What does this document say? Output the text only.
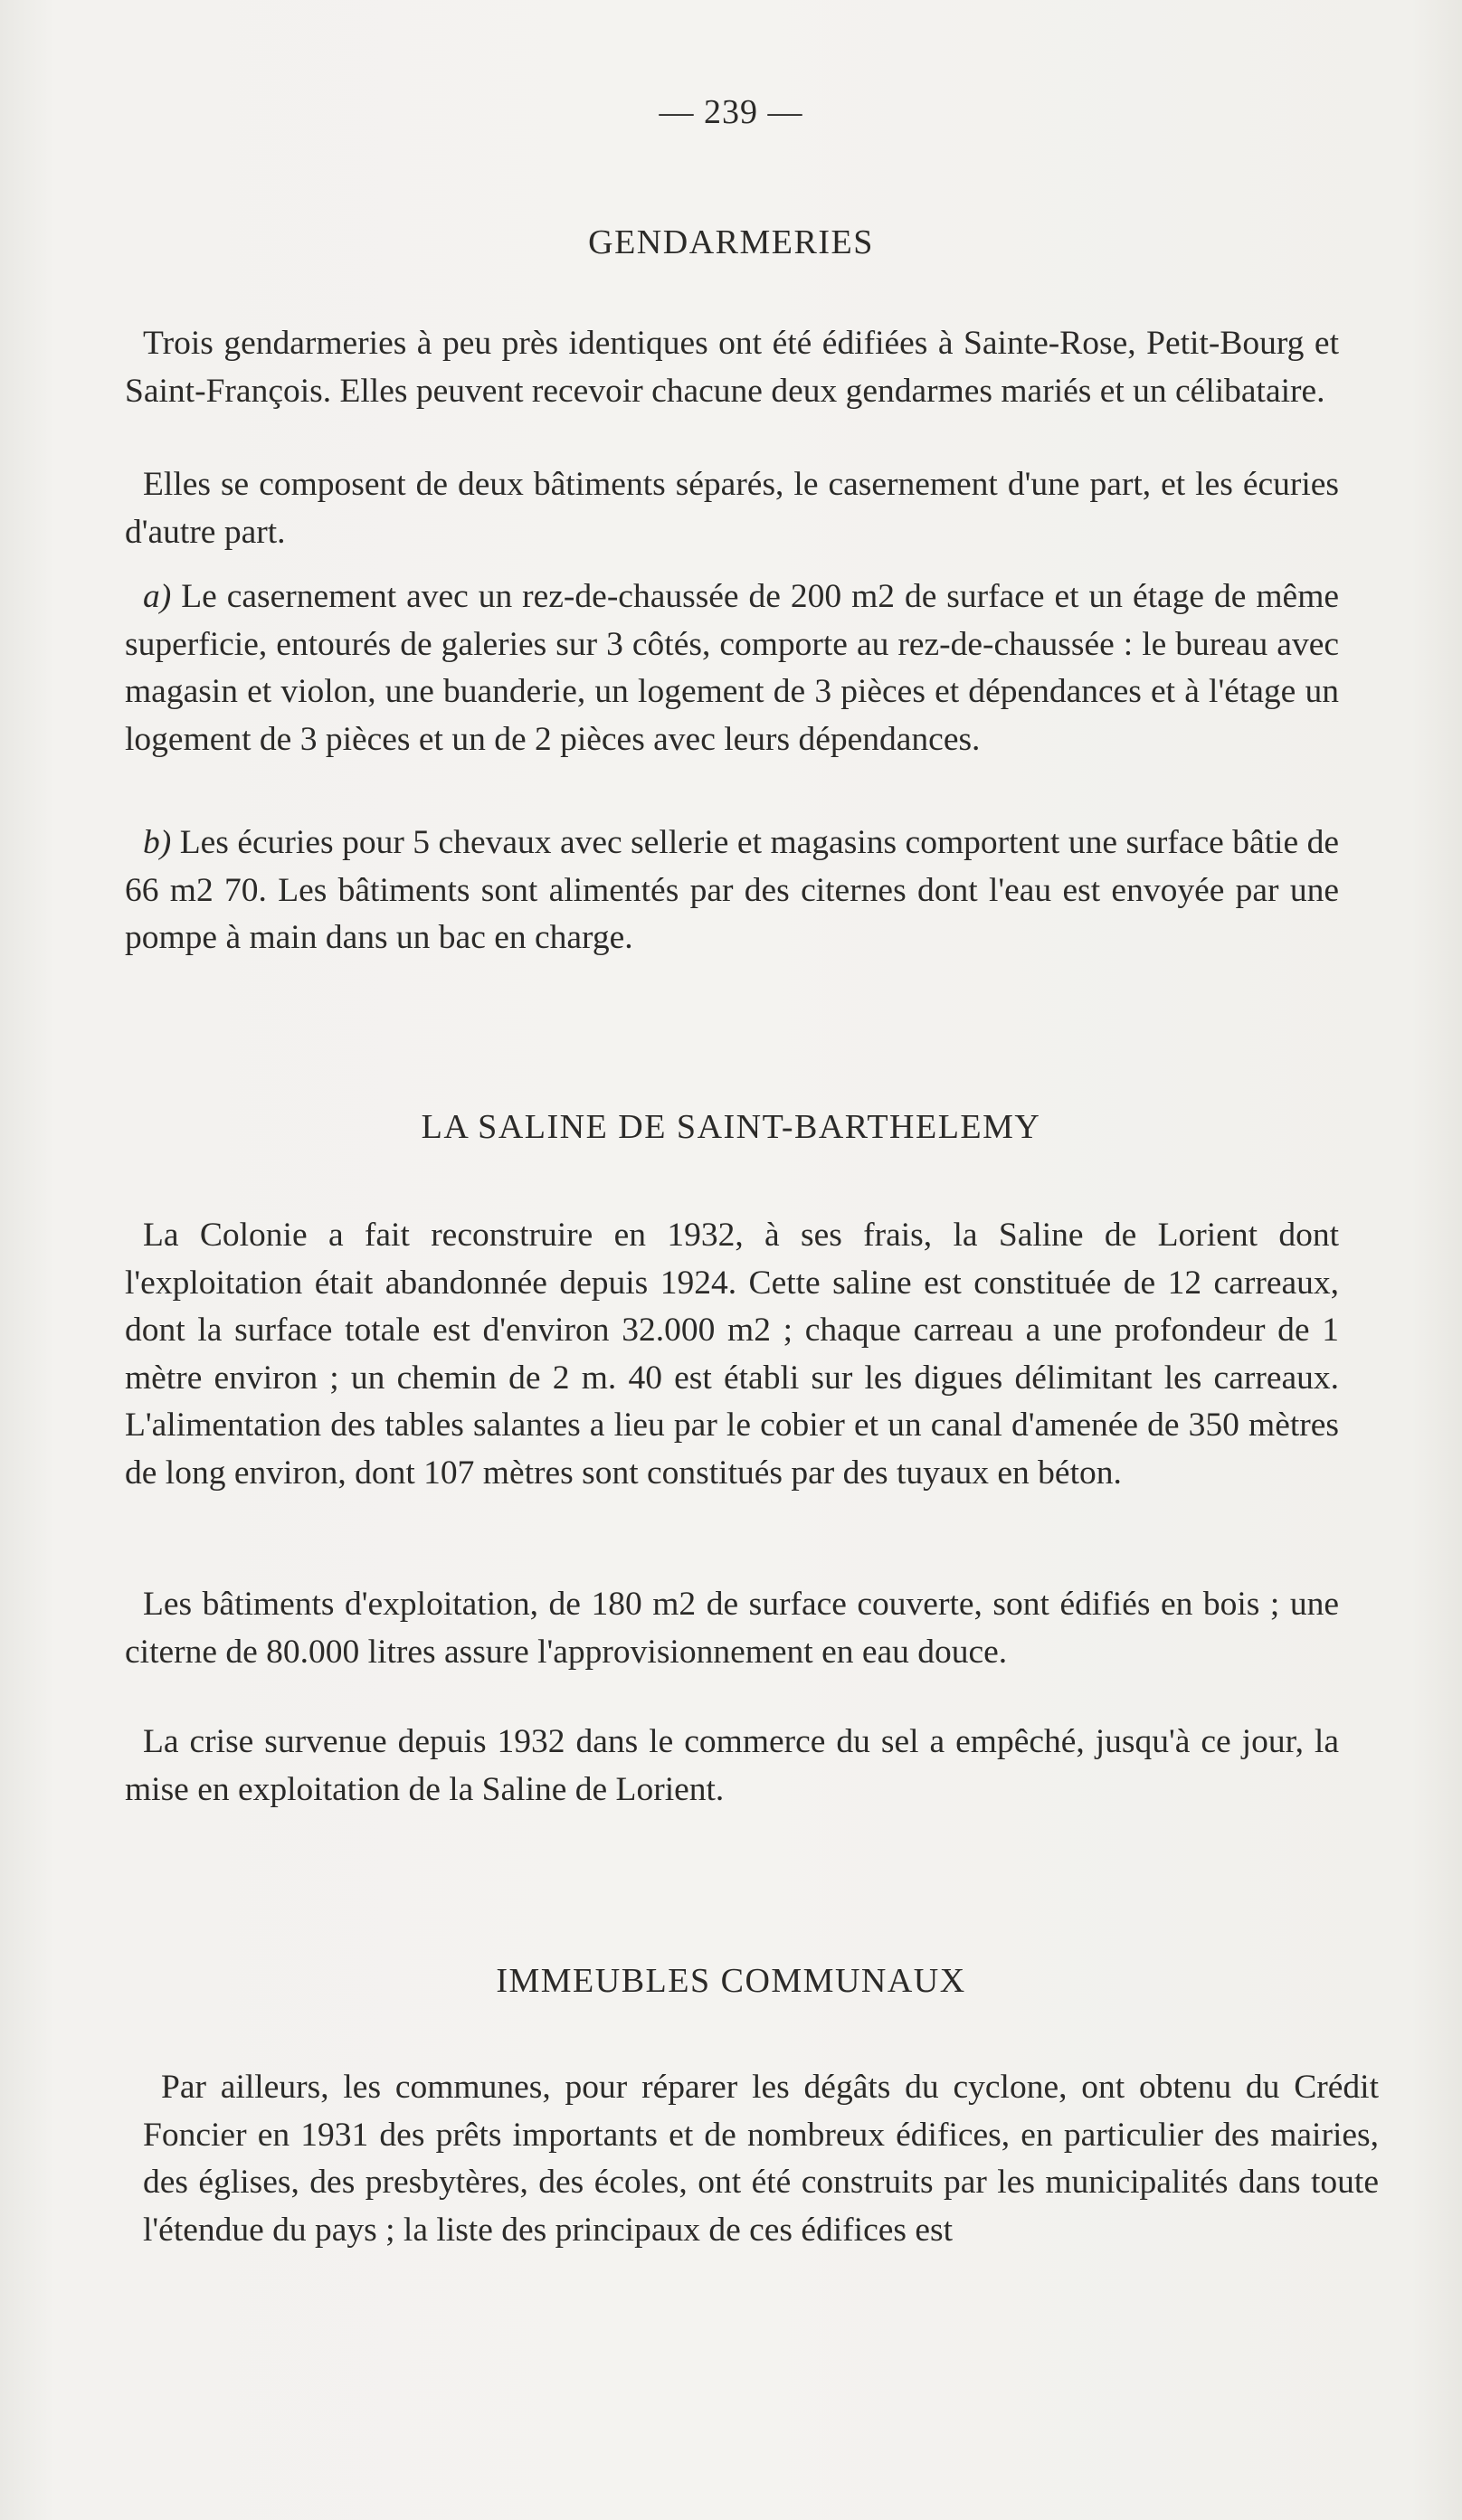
— 239 —
GENDARMERIES

Trois gendarmeries à peu près identiques ont été édifiées à Sainte-Rose, Petit-Bourg et Saint-François. Elles peuvent recevoir chacune deux gendarmes mariés et un célibataire.

Elles se composent de deux bâtiments séparés, le casernement d'une part, et les écuries d'autre part.

a) Le casernement avec un rez-de-chaussée de 200 m2 de surface et un étage de même superficie, entourés de galeries sur 3 côtés, comporte au rez-de-chaussée : le bureau avec magasin et violon, une buanderie, un logement de 3 pièces et dépendances et à l'étage un logement de 3 pièces et un de 2 pièces avec leurs dépendances.

b) Les écuries pour 5 chevaux avec sellerie et magasins comportent une surface bâtie de 66 m2 70. Les bâtiments sont alimentés par des citernes dont l'eau est envoyée par une pompe à main dans un bac en charge.

LA SALINE DE SAINT-BARTHELEMY

La Colonie a fait reconstruire en 1932, à ses frais, la Saline de Lorient dont l'exploitation était abandonnée depuis 1924. Cette saline est constituée de 12 carreaux, dont la surface totale est d'environ 32.000 m2 ; chaque carreau a une profondeur de 1 mètre environ ; un chemin de 2 m. 40 est établi sur les digues délimitant les carreaux. L'alimentation des tables salantes a lieu par le cobier et un canal d'amenée de 350 mètres de long environ, dont 107 mètres sont constitués par des tuyaux en béton.

Les bâtiments d'exploitation, de 180 m2 de surface couverte, sont édifiés en bois ; une citerne de 80.000 litres assure l'approvisionnement en eau douce.

La crise survenue depuis 1932 dans le commerce du sel a empêché, jusqu'à ce jour, la mise en exploitation de la Saline de Lorient.

IMMEUBLES COMMUNAUX

Par ailleurs, les communes, pour réparer les dégâts du cyclone, ont obtenu du Crédit Foncier en 1931 des prêts importants et de nombreux édifices, en particulier des mairies, des églises, des presbytères, des écoles, ont été construits par les municipalités dans toute l'étendue du pays ; la liste des principaux de ces édifices est
